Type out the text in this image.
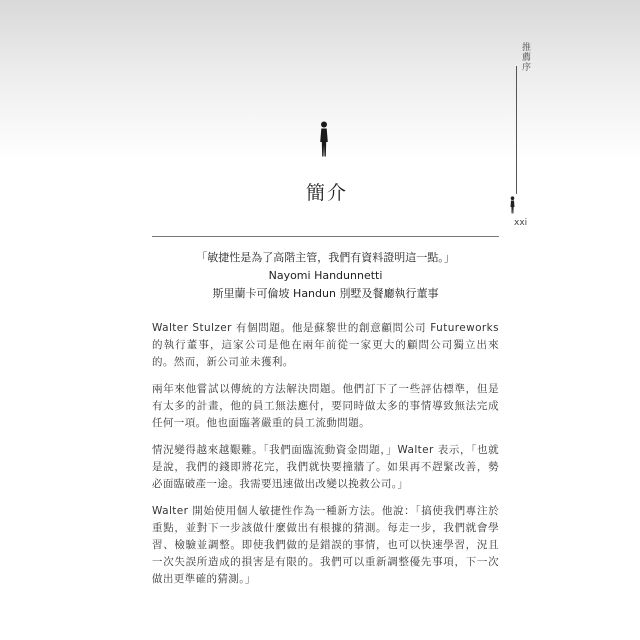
推薦序
xxi
簡介
「敏捷性是為了高階主管，我們有資料證明這一點。」
Nayomi Handunnetti
斯里蘭卡可倫坡 Handun 別墅及餐廳執行董事

Walter Stulzer 有個問題。他是蘇黎世的創意顧問公司 Futureworks 的執行董事，這家公司是他在兩年前從一家更大的顧問公司獨立出來的。然而，新公司並未獲利。

兩年來他嘗試以傳統的方法解決問題。他們訂下了一些評估標準，但是有太多的計畫，他的員工無法應付，要同時做太多的事情導致無法完成任何一項。他也面臨著嚴重的員工流動問題。

情況變得越來越艱難。「我們面臨流動資金問題，」Walter 表示，「也就是說，我們的錢即將花完，我們就快要撞牆了。如果再不趕緊改善，勢必面臨破產一途。我需要迅速做出改變以挽救公司。」

Walter 開始使用個人敏捷性作為一種新方法。他說：「搞使我們專注於重點，並對下一步該做什麼做出有根據的猜測。每走一步，我們就會學習、檢驗並調整。即使我們做的是錯誤的事情，也可以快速學習，況且一次失誤所造成的損害是有限的。我們可以重新調整優先事項，下一次做出更準確的猜測。」
